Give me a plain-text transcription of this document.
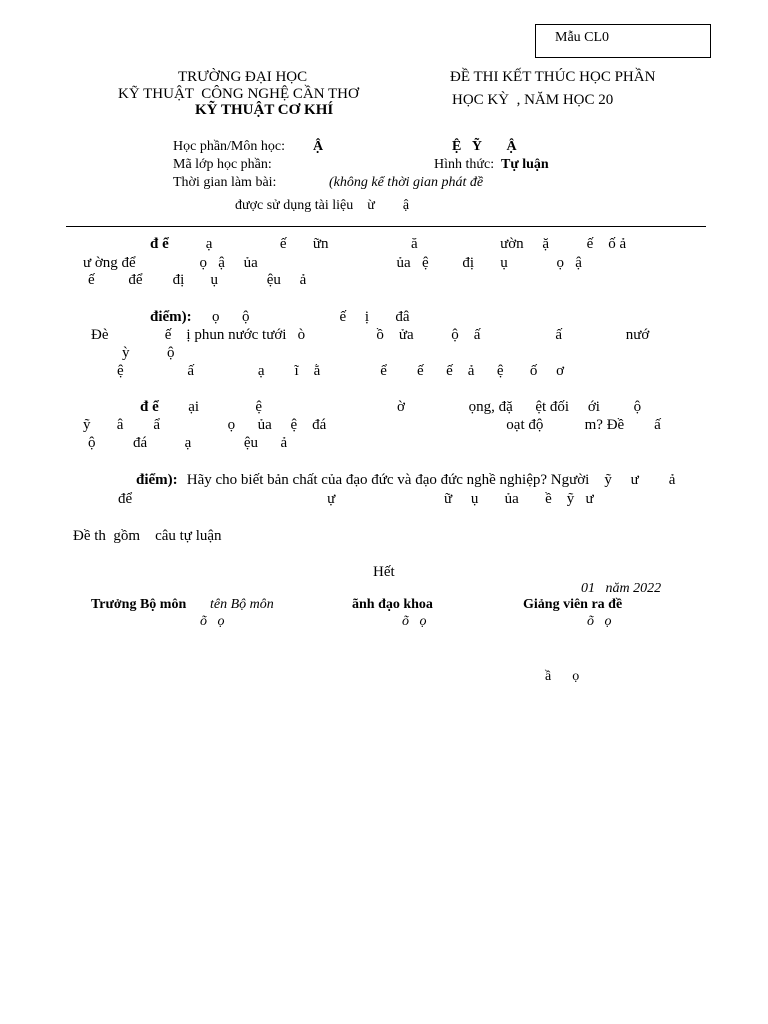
Mẫu CL0
TRƯỜNG ĐẠI HỌC
KỸ THUẬT  CÔNG NGHỆ CẦN THƠ
KỸ THUẬT CƠ KHÍ
ĐỀ THI KẾT THÚC HỌC PHẦN
HỌC KỲ  , NĂM HỌC 20
Học phần/Môn học: Ậ	Ệ   Ỹ       Ậ
Mã lớp học phần:	Hình thức: Tự luận
Thời gian làm bài:	(không kể thời gian phát đề
được sử dụng tài liệu    ừ        ậ
đ ể ạ                  ế       ữn                      ă                      ườn     ặ          ế    ố ả
ư ờng để                 ọ   ậ     ủa                                     ủa   ệ         đị       ụ             ọ   ậ
ế         để        đị       ụ             ệu     ả
điểm): ọ      ộ                        ế     ị       đâ
Đè               ế    ị phun nước tưới   ò                   ồ    ửa          ộ    ấ                    ấ                 nướ
ỳ          ộ
ệ                 ấ                 ạ        ĩ    ằ                ể        ế      ế    ả      ệ       ố     ơ
đ ể ại               ệ                                    ờ                 ọng, đặ      ệt đối     ới         ộ
ỹ       â        ẩ                  ọ      ủa     ệ    đá                                                oạt độ           m? Đề        ấ
ộ          đá          ạ              ệu      ả
điểm): Hãy cho biết bản chất của đạo đức và đạo đức nghề nghiệp? Người    ỹ     ư        ả
để                                                    ự                             ữ     ụ       ủa       ề    ỹ   ư
Đề th  gồm    câu tự luận
Hết
01   năm 2022
Trưởng Bộ môn tên Bộ môn	ãnh đạo khoa	Giảng viên ra đề
õ   ọ	õ   ọ	õ   ọ
ầ      ọ
